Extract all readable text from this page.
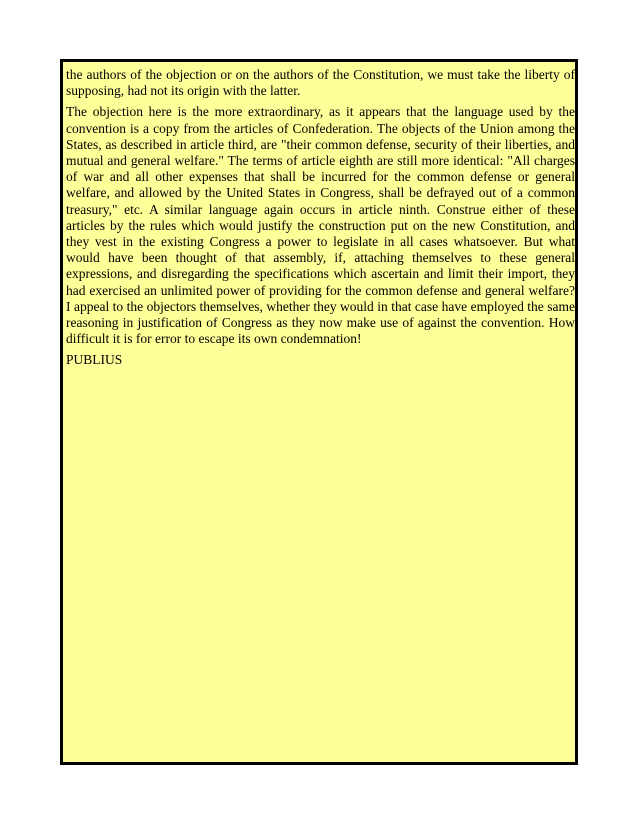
the authors of the objection or on the authors of the Constitution, we must take the liberty of supposing, had not its origin with the latter.

The objection here is the more extraordinary, as it appears that the language used by the convention is a copy from the articles of Confederation. The objects of the Union among the States, as described in article third, are "their common defense, security of their liberties, and mutual and general welfare." The terms of article eighth are still more identical: "All charges of war and all other expenses that shall be incurred for the common defense or general welfare, and allowed by the United States in Congress, shall be defrayed out of a common treasury," etc. A similar language again occurs in article ninth. Construe either of these articles by the rules which would justify the construction put on the new Constitution, and they vest in the existing Congress a power to legislate in all cases whatsoever. But what would have been thought of that assembly, if, attaching themselves to these general expressions, and disregarding the specifications which ascertain and limit their import, they had exercised an unlimited power of providing for the common defense and general welfare? I appeal to the objectors themselves, whether they would in that case have employed the same reasoning in justification of Congress as they now make use of against the convention. How difficult it is for error to escape its own condemnation!

PUBLIUS
